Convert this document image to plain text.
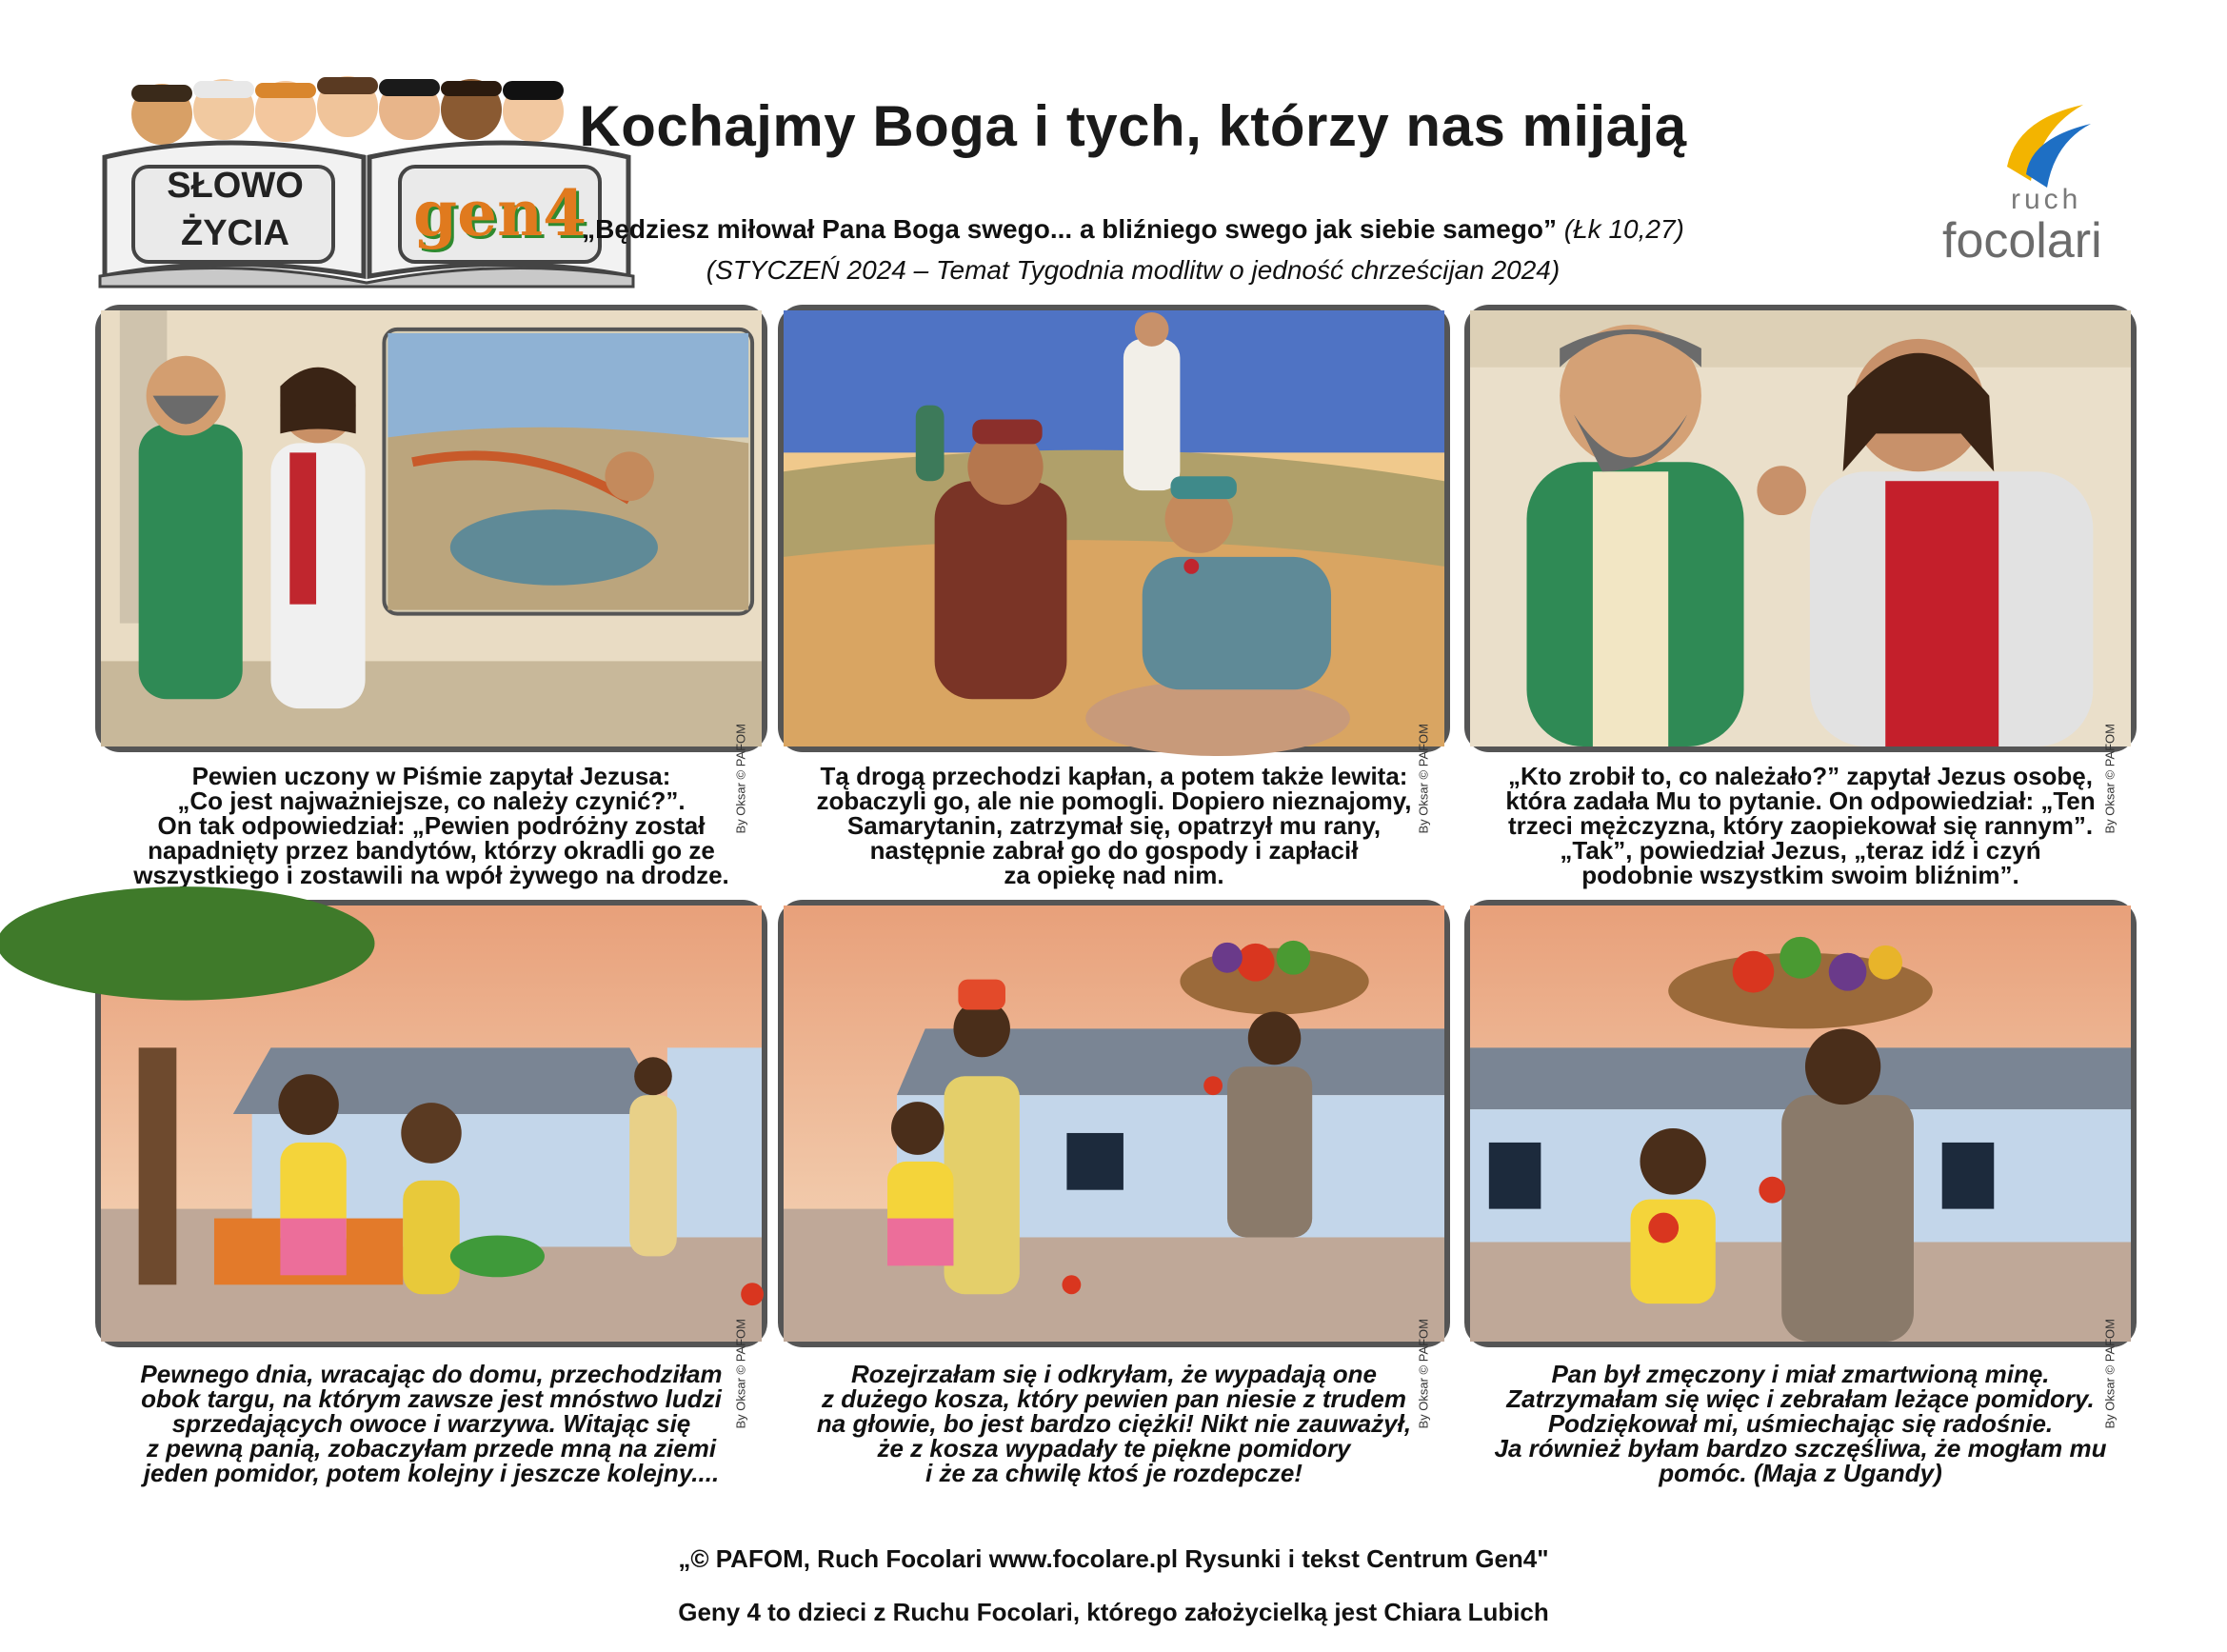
SŁOWO
ŻYCIA	gen4
Kochajmy Boga i tych, którzy nas mijają
„Będziesz miłował Pana Boga swego... a bliźniego swego jak siebie samego” (Łk 10,27)
(STYCZEŃ 2024 – Temat Tygodnia modlitw o jedność chrześcijan 2024)
ruch
focolari
By Oksar © PAFOM	By Oksar © PAFOM	By Oksar © PAFOM
Pewien uczony w Piśmie zapytał Jezusa:
„Co jest najważniejsze, co należy czynić?”.
On tak odpowiedział: „Pewien podróżny został
napadnięty przez bandytów, którzy okradli go ze
wszystkiego i zostawili na wpół żywego na drodze.
Tą drogą przechodzi kapłan, a potem także lewita:
zobaczyli go, ale nie pomogli. Dopiero nieznajomy,
Samarytanin, zatrzymał się, opatrzył mu rany,
następnie zabrał go do gospody i zapłacił
za opiekę nad nim.
„Kto zrobił to, co należało?” zapytał Jezus osobę,
która zadała Mu to pytanie. On odpowiedział: „Ten
trzeci mężczyzna, który zaopiekował się rannym”.
„Tak”, powiedział Jezus, „teraz idź i czyń
podobnie wszystkim swoim bliźnim”.
By Oksar © PAFOM	By Oksar © PAFOM	By Oksar © PAFOM
Pewnego dnia, wracając do domu, przechodziłam
obok targu, na którym zawsze jest mnóstwo ludzi
sprzedających owoce i warzywa. Witając się
z pewną panią, zobaczyłam przede mną na ziemi
jeden pomidor, potem kolejny i jeszcze kolejny....
Rozejrzałam się i odkryłam, że wypadają one
z dużego kosza, który pewien pan niesie z trudem
na głowie, bo jest bardzo ciężki! Nikt nie zauważył,
że z kosza wypadały te piękne pomidory
i że za chwilę ktoś je rozdepcze!
Pan był zmęczony i miał zmartwioną minę.
Zatrzymałam się więc i zebrałam leżące pomidory.
Podziękował mi, uśmiechając się radośnie.
Ja również byłam bardzo szczęśliwa, że mogłam mu
pomóc. (Maja z Ugandy)

„© PAFOM, Ruch Focolari www.focolare.pl Rysunki i tekst Centrum Gen4"

Geny 4 to dzieci z Ruchu Focolari, którego założycielką jest Chiara Lubich
